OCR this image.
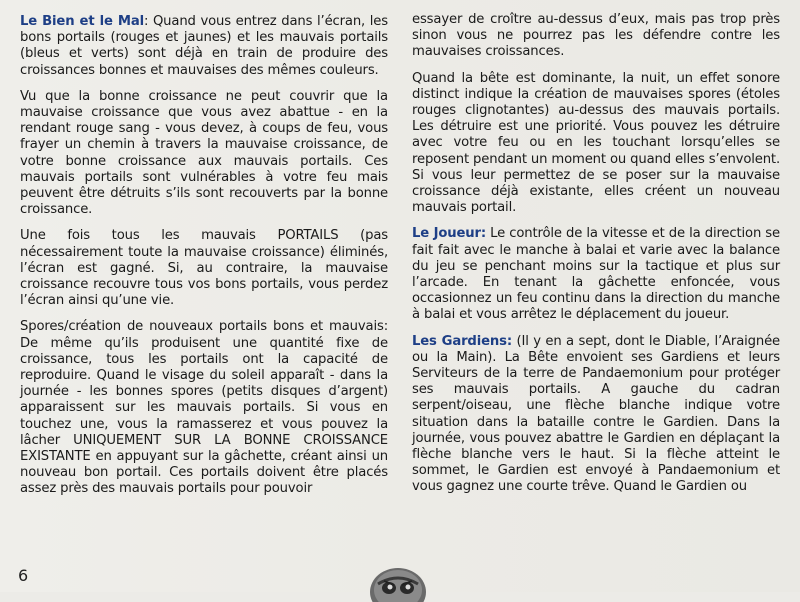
Le Bien et le Mal: Quand vous entrez dans l’écran, les bons portails (rouges et jaunes) et les mauvais portails (bleus et verts) sont déjà en train de produire des croissances bonnes et mauvaises des mêmes couleurs.

Vu que la bonne croissance ne peut couvrir que la mauvaise croissance que vous avez abattue - en la rendant rouge sang - vous devez, à coups de feu, vous frayer un chemin à travers la mauvaise croissance, de votre bonne croissance aux mauvais portails. Ces mauvais portails sont vulnérables à votre feu mais peuvent être détruits s’ils sont recouverts par la bonne croissance.

Une fois tous les mauvais PORTAILS (pas nécessairement toute la mauvaise croissance) éliminés, l’écran est gagné. Si, au contraire, la mauvaise croissance recouvre tous vos bons portails, vous perdez l’écran ainsi qu’une vie.

Spores/création de nouveaux portails bons et mauvais: De même qu’ils produisent une quantité fixe de croissance, tous les portails ont la capacité de reproduire. Quand le visage du soleil apparaît - dans la journée - les bonnes spores (petits disques d’argent) apparaissent sur les mauvais portails. Si vous en touchez une, vous la ramasserez et vous pouvez la lâcher UNIQUEMENT SUR LA BONNE CROISSANCE EXISTANTE en appuyant sur la gâchette, créant ainsi un nouveau bon portail. Ces portails doivent être placés assez près des mauvais portails pour pouvoir

essayer de croître au-dessus d’eux, mais pas trop près sinon vous ne pourrez pas les défendre contre les mauvaises croissances.

Quand la bête est dominante, la nuit, un effet sonore distinct indique la création de mauvaises spores (étoles rouges clignotantes) au-dessus des mauvais portails. Les détruire est une priorité. Vous pouvez les détruire avec votre feu ou en les touchant lorsqu’elles se reposent pendant un moment ou quand elles s’envolent. Si vous leur permettez de se poser sur la mauvaise croissance déjà existante, elles créent un nouveau mauvais portail.

Le Joueur: Le contrôle de la vitesse et de la direction se fait fait avec le manche à balai et varie avec la balance du jeu se penchant moins sur la tactique et plus sur l’arcade. En tenant la gâchette enfoncée, vous occasionnez un feu continu dans la direction du manche à balai et vous arrêtez le déplacement du joueur.

Les Gardiens: (Il y en a sept, dont le Diable, l’Araignée ou la Main). La Bête envoient ses Gardiens et leurs Serviteurs de la terre de Pandaemonium pour protéger ses mauvais portails. A gauche du cadran serpent/oiseau, une flèche blanche indique votre situation dans la bataille contre le Gardien. Dans la journée, vous pouvez abattre le Gardien en déplaçant la flèche blanche vers le haut. Si la flèche atteint le sommet, le Gardien est envoyé à Pandaemonium et vous gagnez une courte trêve. Quand le Gardien ou

6
